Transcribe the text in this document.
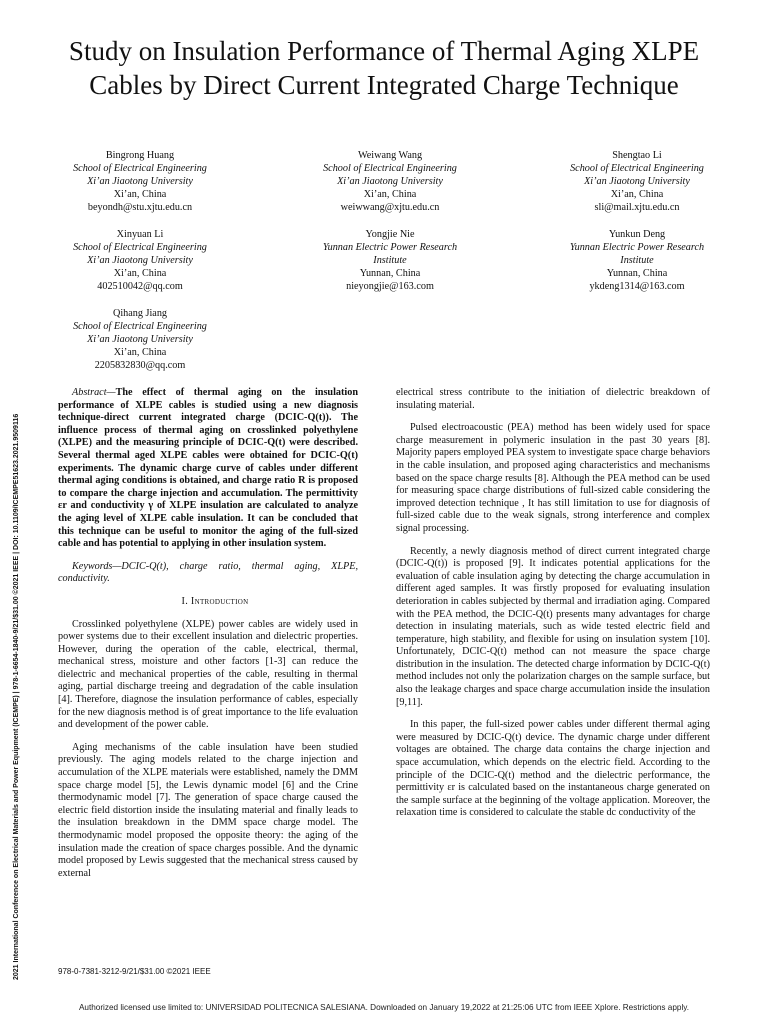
Study on Insulation Performance of Thermal Aging XLPE Cables by Direct Current Integrated Charge Technique
2021 International Conference on Electrical Materials and Power Equipment (ICEMPE) | 978-1-6654-1840-9/21/$31.00 ©2021 IEEE | DOI: 10.1109/ICEMPE51623.2021.9509116
Bingrong Huang
School of Electrical Engineering
Xi’an Jiaotong University
Xi’an, China
beyondh@stu.xjtu.edu.cn
Weiwang Wang
School of Electrical Engineering
Xi’an Jiaotong University
Xi’an, China
weiwwang@xjtu.edu.cn
Shengtao Li
School of Electrical Engineering
Xi’an Jiaotong University
Xi’an, China
sli@mail.xjtu.edu.cn
Xinyuan Li
School of Electrical Engineering
Xi’an Jiaotong University
Xi’an, China
402510042@qq.com
Yongjie Nie
Yunnan Electric Power Research
Institute
Yunnan, China
nieyongjie@163.com
Yunkun Deng
Yunnan Electric Power Research
Institute
Yunnan, China
ykdeng1314@163.com
Qihang Jiang
School of Electrical Engineering
Xi’an Jiaotong University
Xi’an, China
2205832830@qq.com

Abstract—The effect of thermal aging on the insulation performance of XLPE cables is studied using a new diagnosis technique-direct current integrated charge (DCIC-Q(t)). The influence process of thermal aging on crosslinked polyethylene (XLPE) and the measuring principle of DCIC-Q(t) were described. Several thermal aged XLPE cables were obtained for DCIC-Q(t) experiments. The dynamic charge curve of cables under different thermal aging conditions is obtained, and charge ratio R is proposed to compare the charge injection and accumulation. The permittivity εr and conductivity γ of XLPE insulation are calculated to analyze the aging level of XLPE cable insulation. It can be concluded that this technique can be useful to monitor the aging of the full-sized cable and has potential to applying in other insulation system.

Keywords—DCIC-Q(t), charge ratio, thermal aging, XLPE, conductivity.

I. Introduction

Crosslinked polyethylene (XLPE) power cables are widely used in power systems due to their excellent insulation and dielectric properties. However, during the operation of the cable, electrical, thermal, mechanical stress, moisture and other factors [1-3] can reduce the dielectric and mechanical properties of the cable, resulting in thermal aging, partial discharge treeing and degradation of the cable insulation [4]. Therefore, diagnose the insulation performance of cables, especially for the new diagnosis method is of great importance to the life evaluation and development of the power cable.

Aging mechanisms of the cable insulation have been studied previously. The aging models related to the charge injection and accumulation of the XLPE materials were established, namely the DMM space charge model [5], the Lewis dynamic model [6] and the Crine thermodynamic model [7]. The generation of space charge caused the electric field distortion inside the insulating material and finally leads to the insulation breakdown in the DMM space charge model. The thermodynamic model proposed the opposite theory: the aging of the insulation made the creation of space charges possible. And the dynamic model proposed by Lewis suggested that the mechanical stress caused by external

electrical stress contribute to the initiation of dielectric breakdown of insulating material.

Pulsed electroacoustic (PEA) method has been widely used for space charge measurement in polymeric insulation in the past 30 years [8]. Majority papers employed PEA system to investigate space charge behaviors in the cable insulation, and proposed aging characteristics and mechanisms based on the space charge results [8]. Although the PEA method can be used for measuring space charge distributions of full-sized cable considering the improved detection technique , It has still limitation to use for diagnosis of full-sized cable due to the weak signals, strong interference and complex signal processing.

Recently, a newly diagnosis method of direct current integrated charge (DCIC-Q(t)) is proposed [9]. It indicates potential applications for the evaluation of cable insulation aging by detecting the charge accumulation in different aged samples. It was firstly proposed for evaluating insulation deterioration in cables subjected by thermal and irradiation aging. Compared with the PEA method, the DCIC-Q(t) presents many advantages for charge detection in insulating materials, such as wide tested electric field and temperature, high stability, and flexible for using on insulation system [10]. Unfortunately, DCIC-Q(t) method can not measure the space charge distribution in the insulation. The detected charge information by DCIC-Q(t) method includes not only the polarization charges on the sample surface, but also the leakage charges and space charge accumulation inside the insulation [9,11].

In this paper, the full-sized power cables under different thermal aging were measured by DCIC-Q(t) device. The dynamic charge under different voltages are obtained. The charge data contains the charge injection and space accumulation, which depends on the electric field. According to the principle of the DCIC-Q(t) method and the dielectric performance, the permittivity εr is calculated based on the instantaneous charge generated on the sample surface at the beginning of the voltage application. Moreover, the relaxation time is considered to calculate the stable dc conductivity of the

978-0-7381-3212-9/21/$31.00 ©2021 IEEE
Authorized licensed use limited to: UNIVERSIDAD POLITECNICA SALESIANA. Downloaded on January 19,2022 at 21:25:06 UTC from IEEE Xplore. Restrictions apply.
